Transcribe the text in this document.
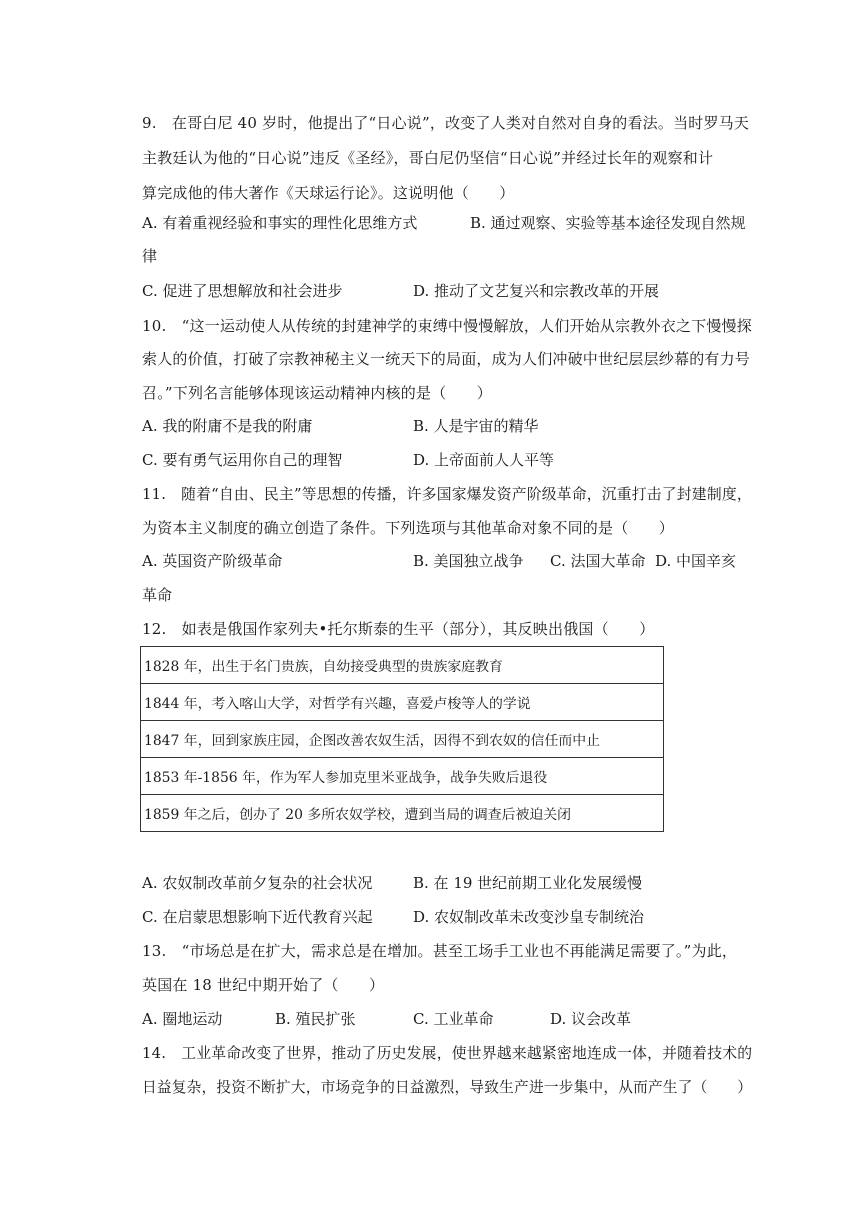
9.　在哥白尼 40 岁时，他提出了“日心说”，改变了人类对自然对自身的看法。当时罗马天
主教廷认为他的“日心说”违反《圣经》，哥白尼仍坚信“日心说”并经过长年的观察和计
算完成他的伟大著作《天球运行论》。这说明他（　　）
A. 有着重视经验和事实的理性化思维方式	B. 通过观察、实验等基本途径发现自然规
律
C. 促进了思想解放和社会进步	D. 推动了文艺复兴和宗教改革的开展
10.　“这一运动使人从传统的封建神学的束缚中慢慢解放，人们开始从宗教外衣之下慢慢探
索人的价值，打破了宗教神秘主义一统天下的局面，成为人们冲破中世纪层层纱幕的有力号
召。”下列名言能够体现该运动精神内核的是（　　）
A. 我的附庸不是我的附庸	B. 人是宇宙的精华
C. 要有勇气运用你自己的理智	D. 上帝面前人人平等
11.　随着“自由、民主”等思想的传播，许多国家爆发资产阶级革命，沉重打击了封建制度，
为资本主义制度的确立创造了条件。下列选项与其他革命对象不同的是（　　）
A. 英国资产阶级革命	B. 美国独立战争 C. 法国大革命 D. 中国辛亥
革命
12.　如表是俄国作家列夫•托尔斯泰的生平（部分），其反映出俄国（　　）
1828 年，出生于名门贵族，自幼接受典型的贵族家庭教育
1844 年，考入喀山大学，对哲学有兴趣，喜爱卢梭等人的学说
1847 年，回到家族庄园，企图改善农奴生活，因得不到农奴的信任而中止
1853 年-1856 年，作为军人参加克里米亚战争，战争失败后退役
1859 年之后，创办了 20 多所农奴学校，遭到当局的调查后被迫关闭
A. 农奴制改革前夕复杂的社会状况	B. 在 19 世纪前期工业化发展缓慢
C. 在启蒙思想影响下近代教育兴起	D. 农奴制改革未改变沙皇专制统治
13.　“市场总是在扩大，需求总是在增加。甚至工场手工业也不再能满足需要了。”为此，
英国在 18 世纪中期开始了（　　）
A. 圈地运动	B. 殖民扩张	C. 工业革命	D. 议会改革
14.　工业革命改变了世界，推动了历史发展，使世界越来越紧密地连成一体，并随着技术的
日益复杂，投资不断扩大，市场竞争的日益激烈，导致生产进一步集中，从而产生了（　　）
